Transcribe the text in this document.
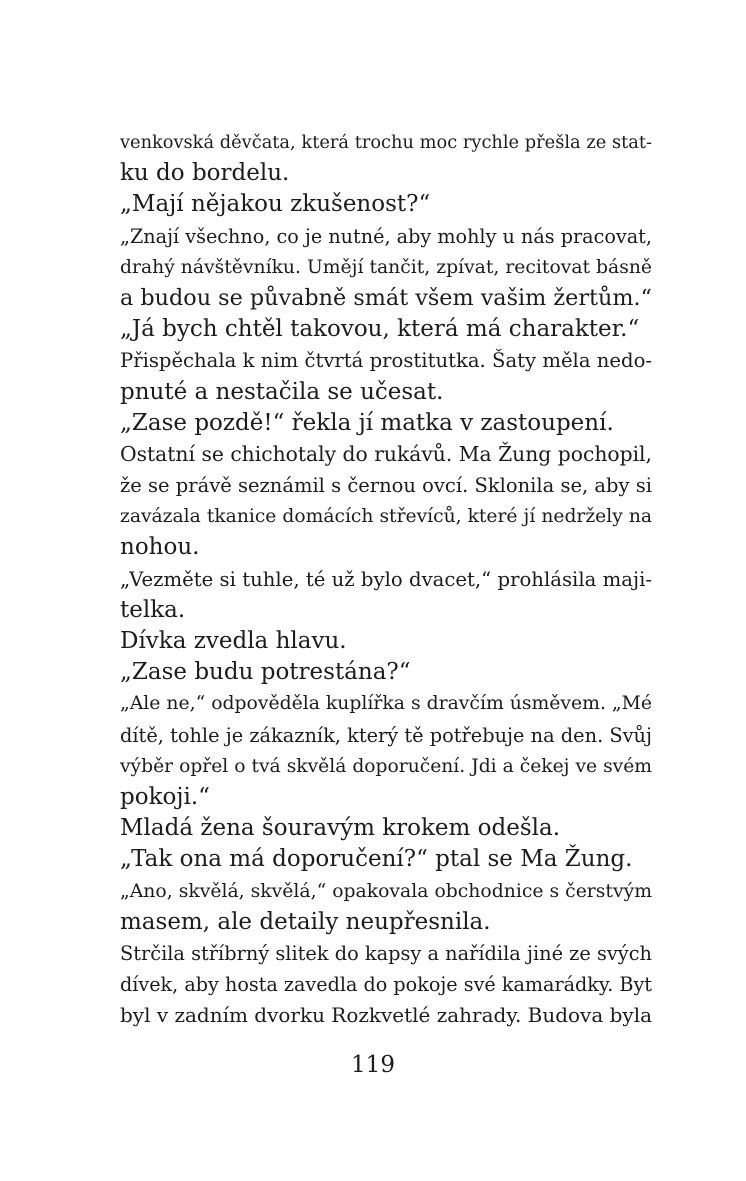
venkovská děvčata, která trochu moc rychle přešla ze stat-
ku do bordelu.
„Mají nějakou zkušenost?“
„Znají všechno, co je nutné, aby mohly u nás pracovat,
drahý návštěvníku. Umějí tančit, zpívat, recitovat básně
a budou se půvabně smát všem vašim žertům.“
„Já bych chtěl takovou, která má charakter.“
Přispěchala k nim čtvrtá prostitutka. Šaty měla nedo-
pnuté a nestačila se učesat.
„Zase pozdě!“ řekla jí matka v zastoupení.
Ostatní se chichotaly do rukávů. Ma Žung pochopil,
že se právě seznámil s černou ovcí. Sklonila se, aby si
zavázala tkanice domácích střevíců, které jí nedržely na
nohou.
„Vezměte si tuhle, té už bylo dvacet,“ prohlásila maji-
telka.
Dívka zvedla hlavu.
„Zase budu potrestána?“
„Ale ne,“ odpověděla kuplířka s dravčím úsměvem. „Mé
dítě, tohle je zákazník, který tě potřebuje na den. Svůj
výběr opřel o tvá skvělá doporučení. Jdi a čekej ve svém
pokoji.“
Mladá žena šouravým krokem odešla.
„Tak ona má doporučení?“ ptal se Ma Žung.
„Ano, skvělá, skvělá,“ opakovala obchodnice s čerstvým
masem, ale detaily neupřesnila.
Strčila stříbrný slitek do kapsy a nařídila jiné ze svých
dívek, aby hosta zavedla do pokoje své kamarádky. Byt
byl v zadním dvorku Rozkvetlé zahrady. Budova byla
119
